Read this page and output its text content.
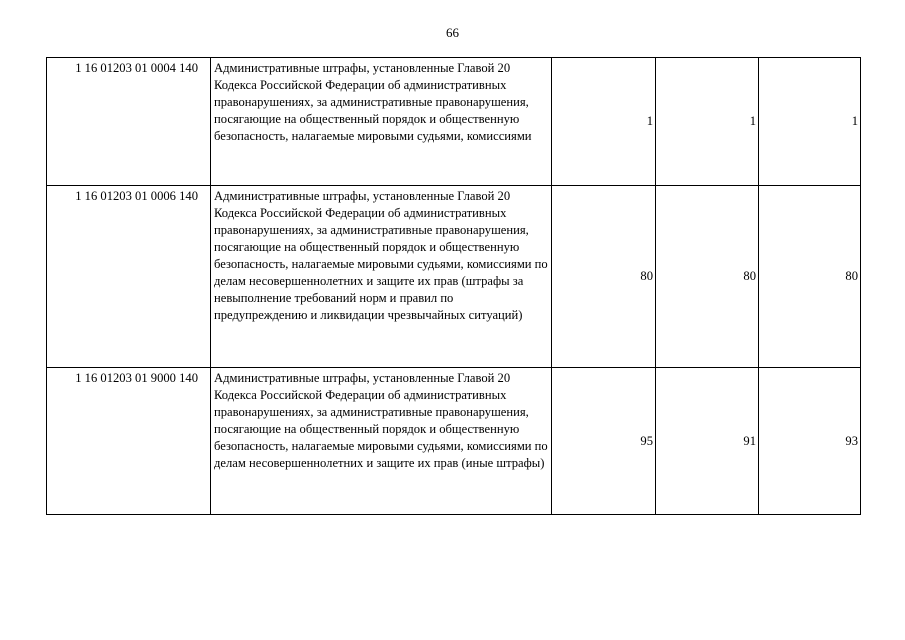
66
1 16 01203 01 0004 140	Административные штрафы, установленные Главой 20 Кодекса Российской Федерации об административных правонарушениях, за административные правонарушения, посягающие на общественный порядок и общественную безопасность, налагаемые мировыми судьями, комиссиями	1	1	1
1 16 01203 01 0006 140	Административные штрафы, установленные Главой 20 Кодекса Российской Федерации об административных правонарушениях, за административные правонарушения, посягающие на общественный порядок и общественную безопасность, налагаемые мировыми судьями, комиссиями по делам несовершеннолетних и защите их прав (штрафы за невыполнение требований норм и правил по предупреждению и ликвидации чрезвычайных ситуаций)	80	80	80
1 16 01203 01 9000 140	Административные штрафы, установленные Главой 20 Кодекса Российской Федерации об административных правонарушениях, за административные правонарушения, посягающие на общественный порядок и общественную безопасность, налагаемые мировыми судьями, комиссиями по делам несовершеннолетних и защите их прав (иные штрафы)	95	91	93
